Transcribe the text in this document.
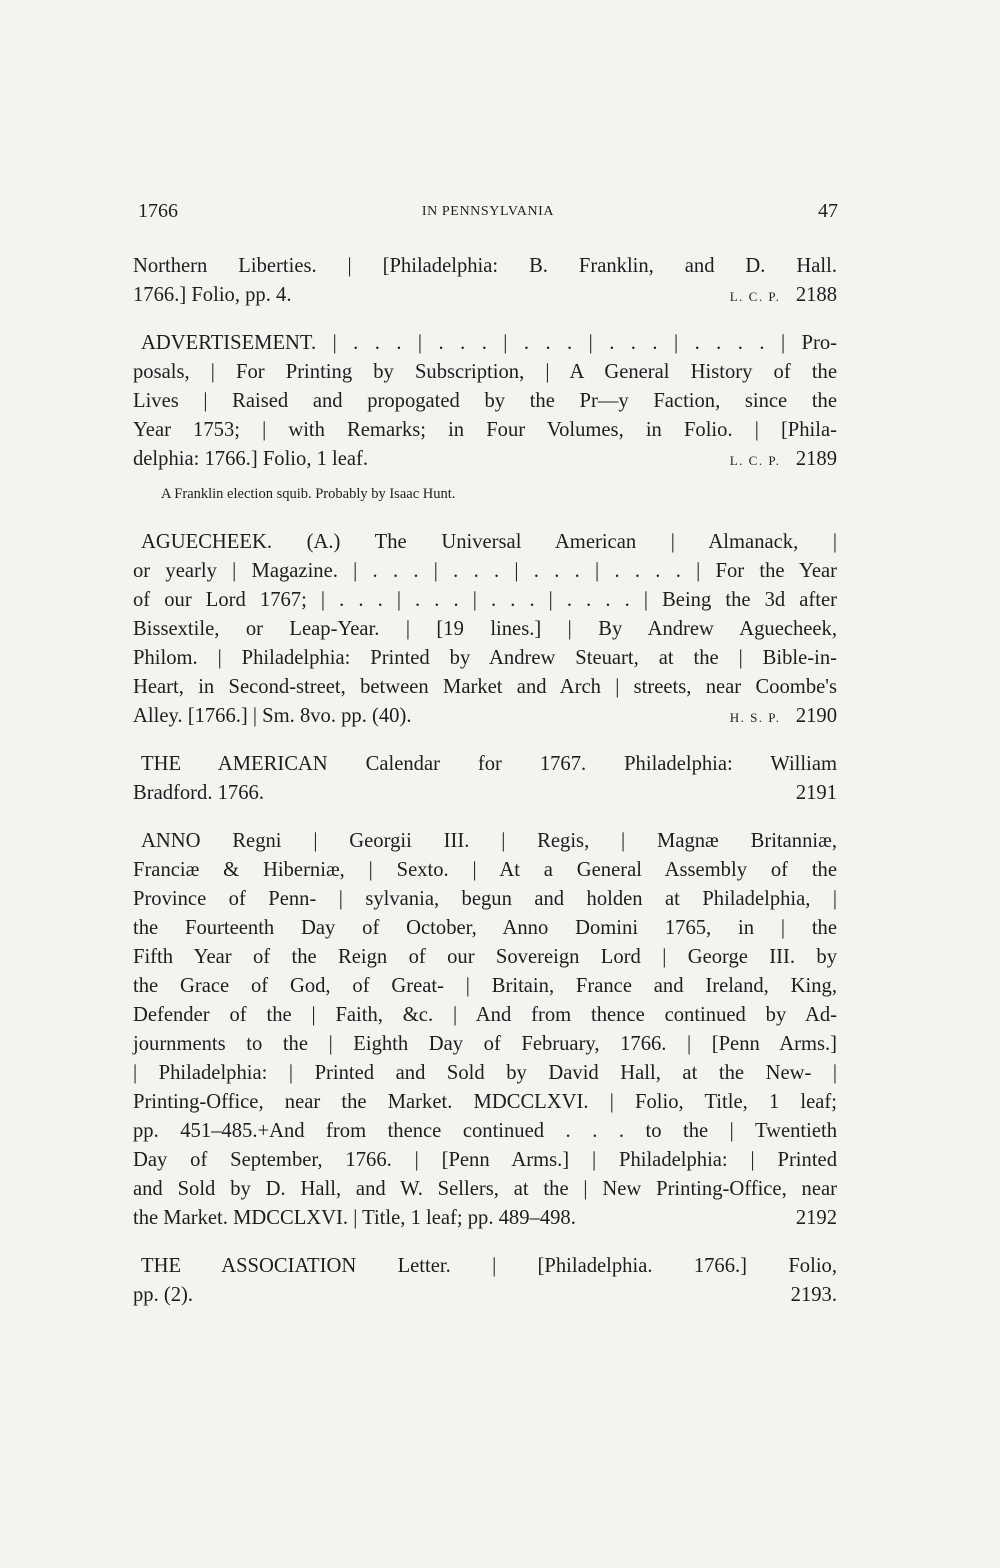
1766	IN PENNSYLVANIA	47
Northern Liberties. | [Philadelphia: B. Franklin, and D. Hall.
1766.] Folio, pp. 4.	L. C. P. 2188
ADVERTISEMENT. | . . . | . . . | . . . | . . . | . . . . | Pro-
posals, | For Printing by Subscription, | A General History of the
Lives | Raised and propogated by the Pr—y Faction, since the
Year 1753; | with Remarks; in Four Volumes, in Folio. | [Phila-
delphia: 1766.] Folio, 1 leaf.	L. C. P. 2189
A Franklin election squib. Probably by Isaac Hunt.
AGUECHEEK. (A.) The Universal American | Almanack, |
or yearly | Magazine. | . . . | . . . | . . . | . . . . | For the Year
of our Lord 1767; | . . . | . . . | . . . | . . . . | Being the 3d after
Bissextile, or Leap-Year. | [19 lines.] | By Andrew Aguecheek,
Philom. | Philadelphia: Printed by Andrew Steuart, at the | Bible-in-
Heart, in Second-street, between Market and Arch | streets, near Coombe's
Alley. [1766.] | Sm. 8vo. pp. (40).	H. S. P. 2190
THE AMERICAN Calendar for 1767. Philadelphia: William
Bradford. 1766.	2191
ANNO Regni | Georgii III. | Regis, | Magnæ Britanniæ,
Franciæ & Hiberniæ, | Sexto. | At a General Assembly of the
Province of Penn- | sylvania, begun and holden at Philadelphia, |
the Fourteenth Day of October, Anno Domini 1765, in | the
Fifth Year of the Reign of our Sovereign Lord | George III. by
the Grace of God, of Great- | Britain, France and Ireland, King,
Defender of the | Faith, &c. | And from thence continued by Ad-
journments to the | Eighth Day of February, 1766. | [Penn Arms.]
| Philadelphia: | Printed and Sold by David Hall, at the New- |
Printing-Office, near the Market. MDCCLXVI. | Folio, Title, 1 leaf;
pp. 451–485.+And from thence continued . . . to the | Twentieth
Day of September, 1766. | [Penn Arms.] | Philadelphia: | Printed
and Sold by D. Hall, and W. Sellers, at the | New Printing-Office, near
the Market. MDCCLXVI. | Title, 1 leaf; pp. 489–498.	2192
THE ASSOCIATION Letter. | [Philadelphia. 1766.] Folio,
pp. (2).	2193.
